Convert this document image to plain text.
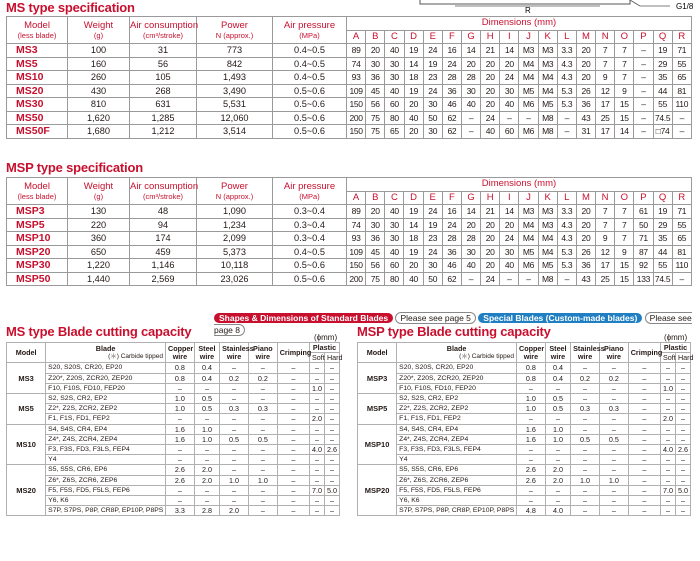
R	G1/8
MS type specification
Model
(less blade)	Weight
(g)	Air consumption
(cm³/stroke)	Power
N (approx.)	Air pressure
(MPa)	Dimensions (mm)																	
					A	B	C	D	E	F	G	H	I	J	K	L	M	N	O	P	Q	R
MS3	100	31	773	0.4~0.5	89	20	40	19	24	16	14	21	14	M3	M3	3.3	20	7	7	–	19	71
MS5	160	56	842	0.4~0.5	74	30	30	14	19	24	20	20	20	M4	M3	4.3	20	7	7	–	29	55
MS10	260	105	1,493	0.4~0.5	93	36	30	18	23	28	28	20	24	M4	M4	4.3	20	9	7	–	35	65
MS20	430	268	3,490	0.5~0.6	109	45	40	19	24	36	30	20	30	M5	M4	5.3	26	12	9	–	44	81
MS30	810	631	5,531	0.5~0.6	150	56	60	20	30	46	40	20	40	M6	M5	5.3	36	17	15	–	55	110
MS50	1,620	1,285	12,060	0.5~0.6	200	75	80	40	50	62	–	24	–	–	M8	–	43	25	15	–	74.5	–
MS50F	1,680	1,212	3,514	0.5~0.6	150	75	65	20	30	62	–	40	60	M6	M8	–	31	17	14	–	□74	–
MSP type specification
Model
(less blade)	Weight
(g)	Air consumption
(cm³/stroke)	Power
N (approx.)	Air pressure
(MPa)	Dimensions (mm)																	
					A	B	C	D	E	F	G	H	I	J	K	L	M	N	O	P	Q	R
MSP3	130	48	1,090	0.3~0.4	89	20	40	19	24	16	14	21	14	M3	M3	3.3	20	7	7	61	19	71
MSP5	220	94	1,234	0.3~0.4	74	30	30	14	19	24	20	20	20	M4	M3	4.3	20	7	7	50	29	55
MSP10	360	174	2,099	0.3~0.4	93	36	30	18	23	28	28	20	24	M4	M4	4.3	20	9	7	71	35	65
MSP20	650	459	5,373	0.4~0.5	109	45	40	19	24	36	30	20	30	M5	M4	5.3	26	12	9	87	44	81
MSP30	1,220	1,146	10,118	0.5~0.6	150	56	60	20	30	46	40	20	40	M6	M5	5.3	36	17	15	92	55	110
MSP50	1,440	2,569	23,026	0.5~0.6	200	75	80	40	50	62	–	24	–	–	M8	–	43	25	15	133	74.5	–
Shapes & Dimensions of Standard Blades Please see page 5 Special Blades (Custom-made blades) Please see page 8
MS type Blade cutting capacity	(ϕmm)
Model	Blade
(＊) Carbide tipped	Copper wire	Steel wire	Stainless wire	Piano wire	Crimping	Plastic	
							Soft	Hard
MS3	S20, S20S, CR20, EP20	0.8	0.4	–	–	–	–	–
	Z20*, Z20S, ZCR20, ZEP20	0.8	0.4	0.2	0.2	–	–	–
	F10, F10S, FD10, FEP20	–	–	–	–	–	1.0	–
MS5	S2, S2S, CR2, EP2	1.0	0.5	–	–	–	–	–
	Z2*, Z2S, ZCR2, ZEP2	1.0	0.5	0.3	0.3	–	–	–
	F1, F1S, FD1, FEP2	–	–	–	–	–	2.0	–
MS10	S4, S4S, CR4, EP4	1.6	1.0	–	–	–	–	–
	Z4*, Z4S, ZCR4, ZEP4	1.6	1.0	0.5	0.5	–	–	–
	F3, F3S, FD3, F3LS, FEP4	–	–	–	–	–	4.0	2.6
	Y4	–	–	–	–	–	–	–
MS20	S5, S5S, CR6, EP6	2.6	2.0	–	–	–	–	–
	Z6*, Z6S, ZCR6, ZEP6	2.6	2.0	1.0	1.0	–	–	–
	F5, F5S, FD5, F5LS, FEP6	–	–	–	–	–	7.0	5.0
	Y6, K6	–	–	–	–	–	–	–
	S7P, S7PS, P8P, CR8P, EP10P, P8PS	3.3	2.8	2.0	–	–	–	–
MSP type Blade cutting capacity	(ϕmm)
Model	Blade
(＊) Carbide tipped	Copper wire	Steel wire	Stainless wire	Piano wire	Crimping	Plastic	
							Soft	Hard
MSP3	S20, S20S, CR20, EP20	0.8	0.4	–	–	–	–	–
	Z20*, Z20S, ZCR20, ZEP20	0.8	0.4	0.2	0.2	–	–	–
	F10, F10S, FD10, FEP20	–	–	–	–	–	1.0	–
MSP5	S2, S2S, CR2, EP2	1.0	0.5	–	–	–	–	–
	Z2*, Z2S, ZCR2, ZEP2	1.0	0.5	0.3	0.3	–	–	–
	F1, F1S, FD1, FEP2	–	–	–	–	–	2.0	–
MSP10	S4, S4S, CR4, EP4	1.6	1.0	–	–	–	–	–
	Z4*, Z4S, ZCR4, ZEP4	1.6	1.0	0.5	0.5	–	–	–
	F3, F3S, FD3, F3LS, FEP4	–	–	–	–	–	4.0	2.6
	Y4	–	–	–	–	–	–	–
MSP20	S5, S5S, CR6, EP6	2.6	2.0	–	–	–	–	–
	Z6*, Z6S, ZCR6, ZEP6	2.6	2.0	1.0	1.0	–	–	–
	F5, F5S, FD5, F5LS, FEP6	–	–	–	–	–	7.0	5.0
	Y6, K6	–	–	–	–	–	–	–
	S7P, S7PS, P8P, CR8P, EP10P, P8PS	4.8	4.0	–	–	–	–	–
